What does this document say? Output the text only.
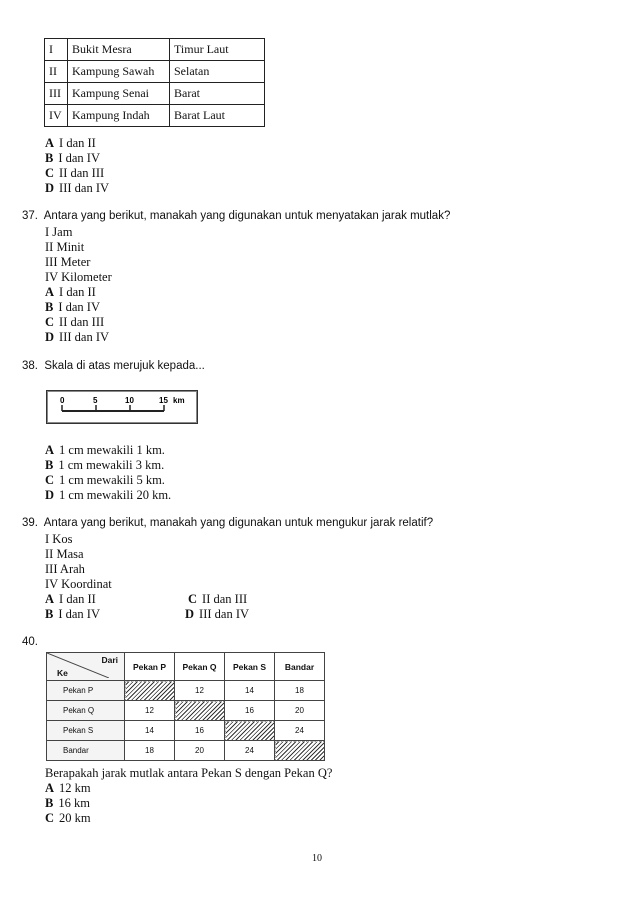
I	Bukit Mesra	Timur Laut
II	Kampung Sawah	Selatan
III	Kampung Senai	Barat
IV	Kampung Indah	Barat Laut
A I dan II
B I dan IV
C II dan III
D III dan IV
37. Antara yang berikut, manakah yang digunakan untuk menyatakan jarak mutlak?
I Jam
II Minit
III Meter
IV Kilometer
A I dan II
B I dan IV
C II dan III
D III dan IV
38. Skala di atas merujuk kepada...
0	5	10	15 km
A 1 cm mewakili 1 km.
B 1 cm mewakili 3 km.
C 1 cm mewakili 5 km.
D 1 cm mewakili 20 km.
39. Antara yang berikut, manakah yang digunakan untuk mengukur jarak relatif?
I Kos
II Masa
III Arah
IV Koordinat
A I dan II	C II dan III
B I dan IV	D III dan IV
40.
Dari
Ke	Pekan P	Pekan Q	Pekan S	Bandar
Pekan P		12	14	18
Pekan Q	12		16	20
Pekan S	14	16		24
Bandar	18	20	24	
Berapakah jarak mutlak antara Pekan S dengan Pekan Q?
A 12 km
B 16 km
C 20 km
10
